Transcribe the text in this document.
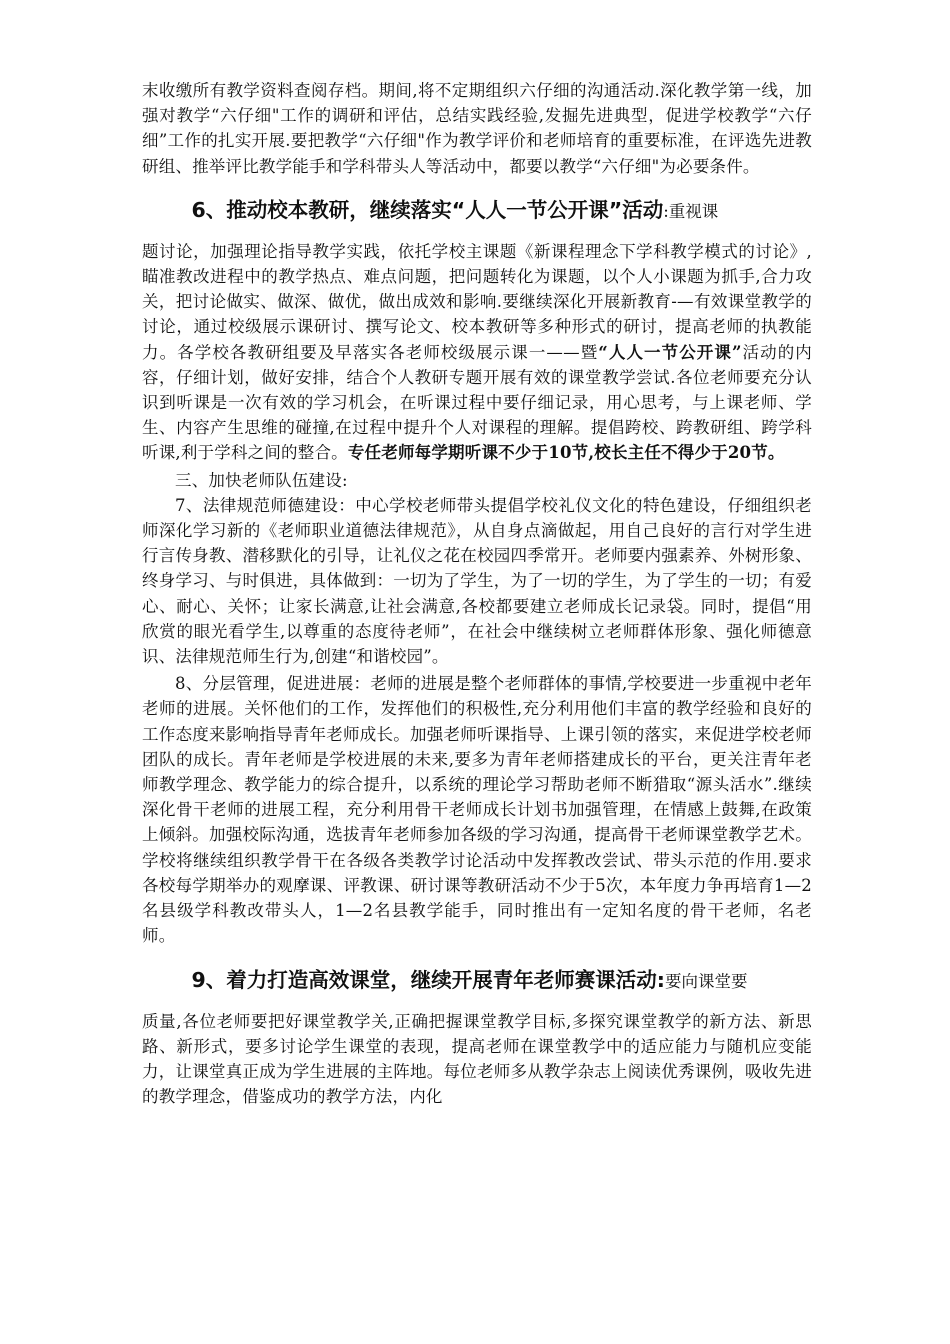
末收缴所有教学资料查阅存档。期间,将不定期组织六仔细的沟通活动.深化教学第一线，加强对教学“六仔细"工作的调研和评估，总结实践经验,发掘先进典型，促进学校教学“六仔细”工作的扎实开展.要把教学“六仔细"作为教学评价和老师培育的重要标准，在评选先进教研组、推举评比教学能手和学科带头人等活动中，都要以教学“六仔细"为必要条件。

6、推动校本教研，继续落实“人人一节公开课”活动:重视课

题讨论，加强理论指导教学实践，依托学校主课题《新课程理念下学科教学模式的讨论》,瞄准教改进程中的教学热点、难点问题，把问题转化为课题，以个人小课题为抓手,合力攻关，把讨论做实、做深、做优，做出成效和影响.要继续深化开展新教育-—有效课堂教学的讨论，通过校级展示课研讨、撰写论文、校本教研等多种形式的研讨，提高老师的执教能力。各学校各教研组要及早落实各老师校级展示课一——暨“人人一节公开课”活动的内容，仔细计划，做好安排，结合个人教研专题开展有效的课堂教学尝试.各位老师要充分认识到听课是一次有效的学习机会，在听课过程中要仔细记录，用心思考，与上课老师、学生、内容产生思维的碰撞,在过程中提升个人对课程的理解。提倡跨校、跨教研组、跨学科听课,利于学科之间的整合。专任老师每学期听课不少于10节,校长主任不得少于20节。

三、加快老师队伍建设:

7、法律规范师德建设：中心学校老师带头提倡学校礼仪文化的特色建设，仔细组织老师深化学习新的《老师职业道德法律规范》，从自身点滴做起，用自己良好的言行对学生进行言传身教、潜移默化的引导，让礼仪之花在校园四季常开。老师要内强素养、外树形象、终身学习、与时俱进，具体做到：一切为了学生，为了一切的学生，为了学生的一切；有爱心、耐心、关怀；让家长满意,让社会满意,各校都要建立老师成长记录袋。同时，提倡“用欣赏的眼光看学生,以尊重的态度待老师”，在社会中继续树立老师群体形象、强化师德意识、法律规范师生行为,创建“和谐校园”。

8、分层管理，促进进展：老师的进展是整个老师群体的事情,学校要进一步重视中老年老师的进展。关怀他们的工作，发挥他们的积极性,充分利用他们丰富的教学经验和良好的工作态度来影响指导青年老师成长。加强老师听课指导、上课引领的落实，来促进学校老师团队的成长。青年老师是学校进展的未来,要多为青年老师搭建成长的平台，更关注青年老师教学理念、教学能力的综合提升，以系统的理论学习帮助老师不断猎取“源头活水”.继续深化骨干老师的进展工程，充分利用骨干老师成长计划书加强管理，在情感上鼓舞,在政策上倾斜。加强校际沟通，选拔青年老师参加各级的学习沟通，提高骨干老师课堂教学艺术。学校将继续组织教学骨干在各级各类教学讨论活动中发挥教改尝试、带头示范的作用.要求各校每学期举办的观摩课、评教课、研讨课等教研活动不少于5次，本年度力争再培育1—2名县级学科教改带头人，1—2名县教学能手，同时推出有一定知名度的骨干老师，名老师。

9、着力打造高效课堂，继续开展青年老师赛课活动:要向课堂要

质量,各位老师要把好课堂教学关,正确把握课堂教学目标,多探究课堂教学的新方法、新思路、新形式，要多讨论学生课堂的表现，提高老师在课堂教学中的适应能力与随机应变能力，让课堂真正成为学生进展的主阵地。每位老师多从教学杂志上阅读优秀课例，吸收先进的教学理念，借鉴成功的教学方法，内化
